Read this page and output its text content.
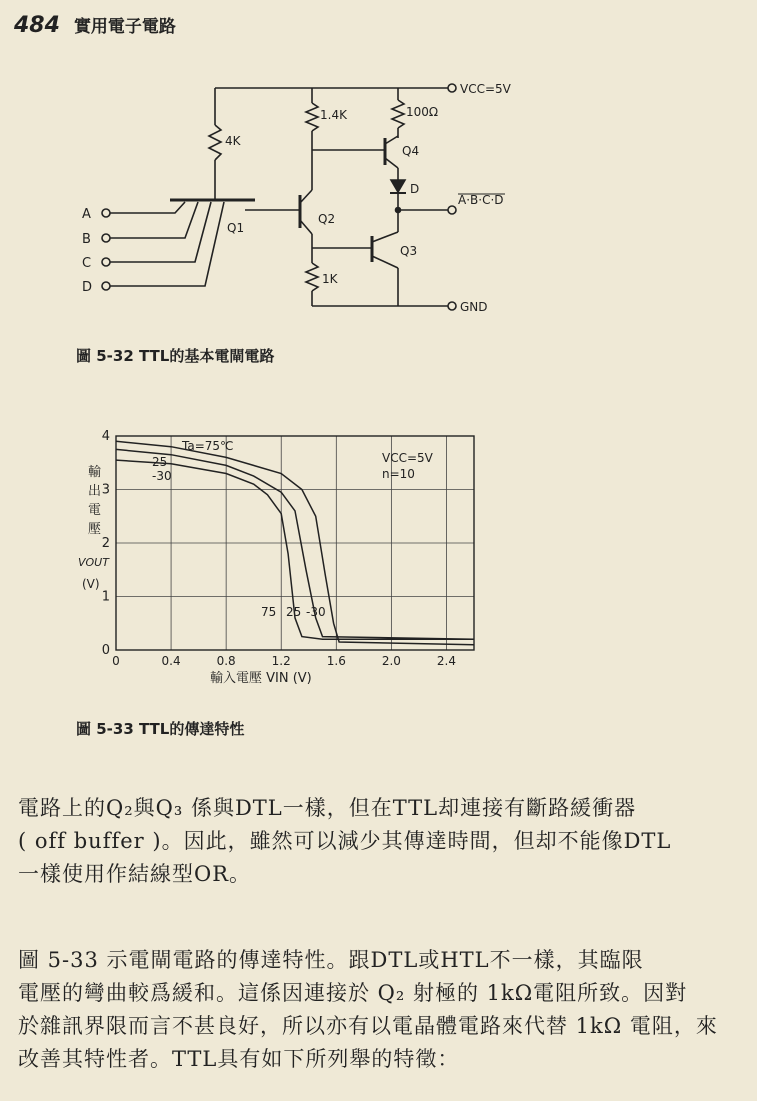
484 實用電子電路
1.4K	100Ω
VCC=5V
4K
Q4
D
A·B·C·D
Q2
Q1
Q3
1K
GND
A
B
C
D
圖 5-32 TTL的基本電閘電路
0	0.4	0.8	1.2	1.6	2.0	2.4
0
1
2
3
4
Ta=75℃
VCC=5V
n=10
25
-30
75 25 -30
輸
出
電
壓
VOUT
(V)
輸入電壓 VIN (V)
圖 5-33 TTL的傳達特性

電路上的Q₂與Q₃ 係與DTL一樣，但在TTL却連接有斷路緩衝器

( off buffer )。因此，雖然可以減少其傳達時間，但却不能像DTL

一樣使用作結線型OR。

圖 5-33 示電閘電路的傳達特性。跟DTL或HTL不一樣，其臨限

電壓的彎曲較爲緩和。這係因連接於 Q₂ 射極的 1kΩ電阻所致。因對

於雜訊界限而言不甚良好，所以亦有以電晶體電路來代替 1kΩ 電阻，來

改善其特性者。TTL具有如下所列舉的特徵：
